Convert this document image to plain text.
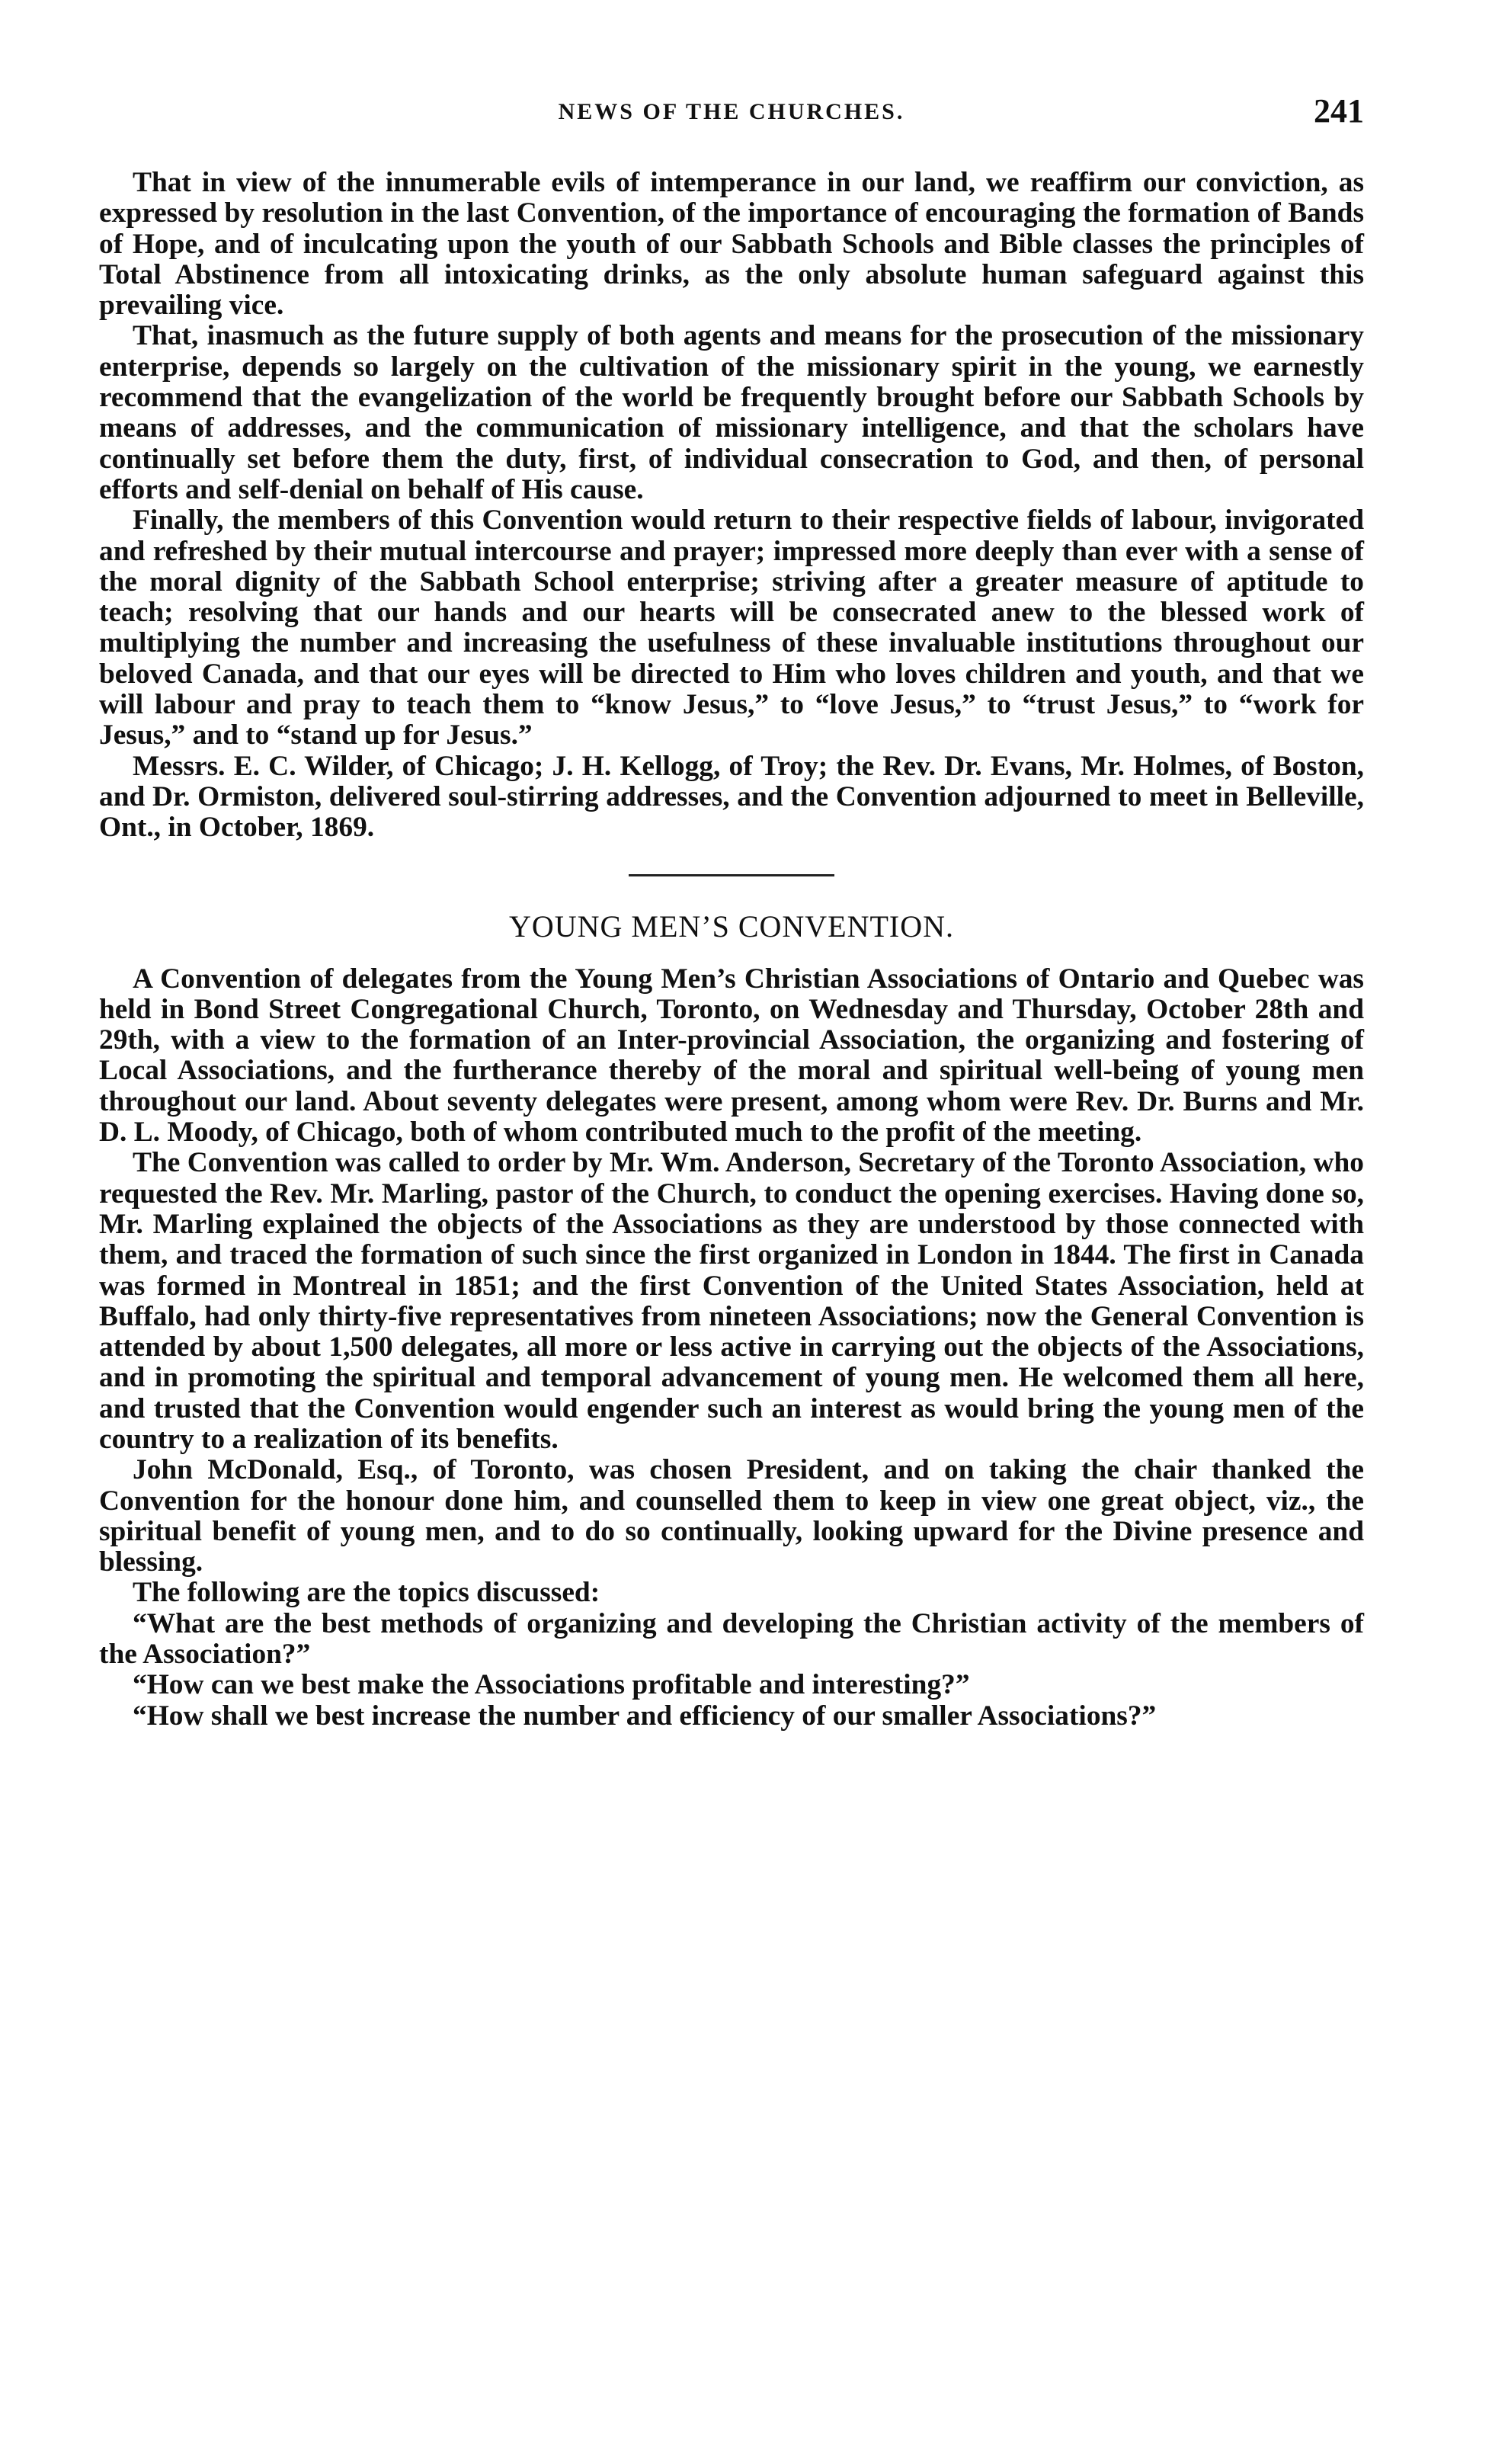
NEWS OF THE CHURCHES.	241

That in view of the innumerable evils of intemperance in our land, we reaffirm our conviction, as expressed by resolution in the last Convention, of the importance of encouraging the formation of Bands of Hope, and of inculcating upon the youth of our Sabbath Schools and Bible classes the principles of Total Abstinence from all intoxicating drinks, as the only absolute human safeguard against this prevailing vice.

That, inasmuch as the future supply of both agents and means for the prosecution of the missionary enterprise, depends so largely on the cultivation of the missionary spirit in the young, we earnestly recommend that the evangelization of the world be frequently brought before our Sabbath Schools by means of addresses, and the communication of missionary intelligence, and that the scholars have continually set before them the duty, first, of individual consecration to God, and then, of personal efforts and self-denial on behalf of His cause.

Finally, the members of this Convention would return to their respective fields of labour, invigorated and refreshed by their mutual intercourse and prayer; impressed more deeply than ever with a sense of the moral dignity of the Sabbath School enterprise; striving after a greater measure of aptitude to teach; resolving that our hands and our hearts will be consecrated anew to the blessed work of multiplying the number and increasing the usefulness of these invaluable institutions throughout our beloved Canada, and that our eyes will be directed to Him who loves children and youth, and that we will labour and pray to teach them to “know Jesus,” to “love Jesus,” to “trust Jesus,” to “work for Jesus,” and to “stand up for Jesus.”

Messrs. E. C. Wilder, of Chicago; J. H. Kellogg, of Troy; the Rev. Dr. Evans, Mr. Holmes, of Boston, and Dr. Ormiston, delivered soul-stirring addresses, and the Convention adjourned to meet in Belleville, Ont., in October, 1869.

YOUNG MEN’S CONVENTION.

A Convention of delegates from the Young Men’s Christian Associations of Ontario and Quebec was held in Bond Street Congregational Church, Toronto, on Wednesday and Thursday, October 28th and 29th, with a view to the formation of an Inter-provincial Association, the organizing and fostering of Local Associations, and the furtherance thereby of the moral and spiritual well-being of young men throughout our land. About seventy delegates were present, among whom were Rev. Dr. Burns and Mr. D. L. Moody, of Chicago, both of whom contributed much to the profit of the meeting.

The Convention was called to order by Mr. Wm. Anderson, Secretary of the Toronto Association, who requested the Rev. Mr. Marling, pastor of the Church, to conduct the opening exercises. Having done so, Mr. Marling explained the objects of the Associations as they are understood by those connected with them, and traced the formation of such since the first organized in London in 1844. The first in Canada was formed in Montreal in 1851; and the first Convention of the United States Association, held at Buffalo, had only thirty-five representatives from nineteen Associations; now the General Convention is attended by about 1,500 delegates, all more or less active in carrying out the objects of the Associations, and in promoting the spiritual and temporal advancement of young men. He welcomed them all here, and trusted that the Convention would engender such an interest as would bring the young men of the country to a realization of its benefits.

John McDonald, Esq., of Toronto, was chosen President, and on taking the chair thanked the Convention for the honour done him, and counselled them to keep in view one great object, viz., the spiritual benefit of young men, and to do so continually, looking upward for the Divine presence and blessing.

The following are the topics discussed:

“What are the best methods of organizing and developing the Christian activity of the members of the Association?”

“How can we best make the Associations profitable and interesting?”

“How shall we best increase the number and efficiency of our smaller Associations?”
